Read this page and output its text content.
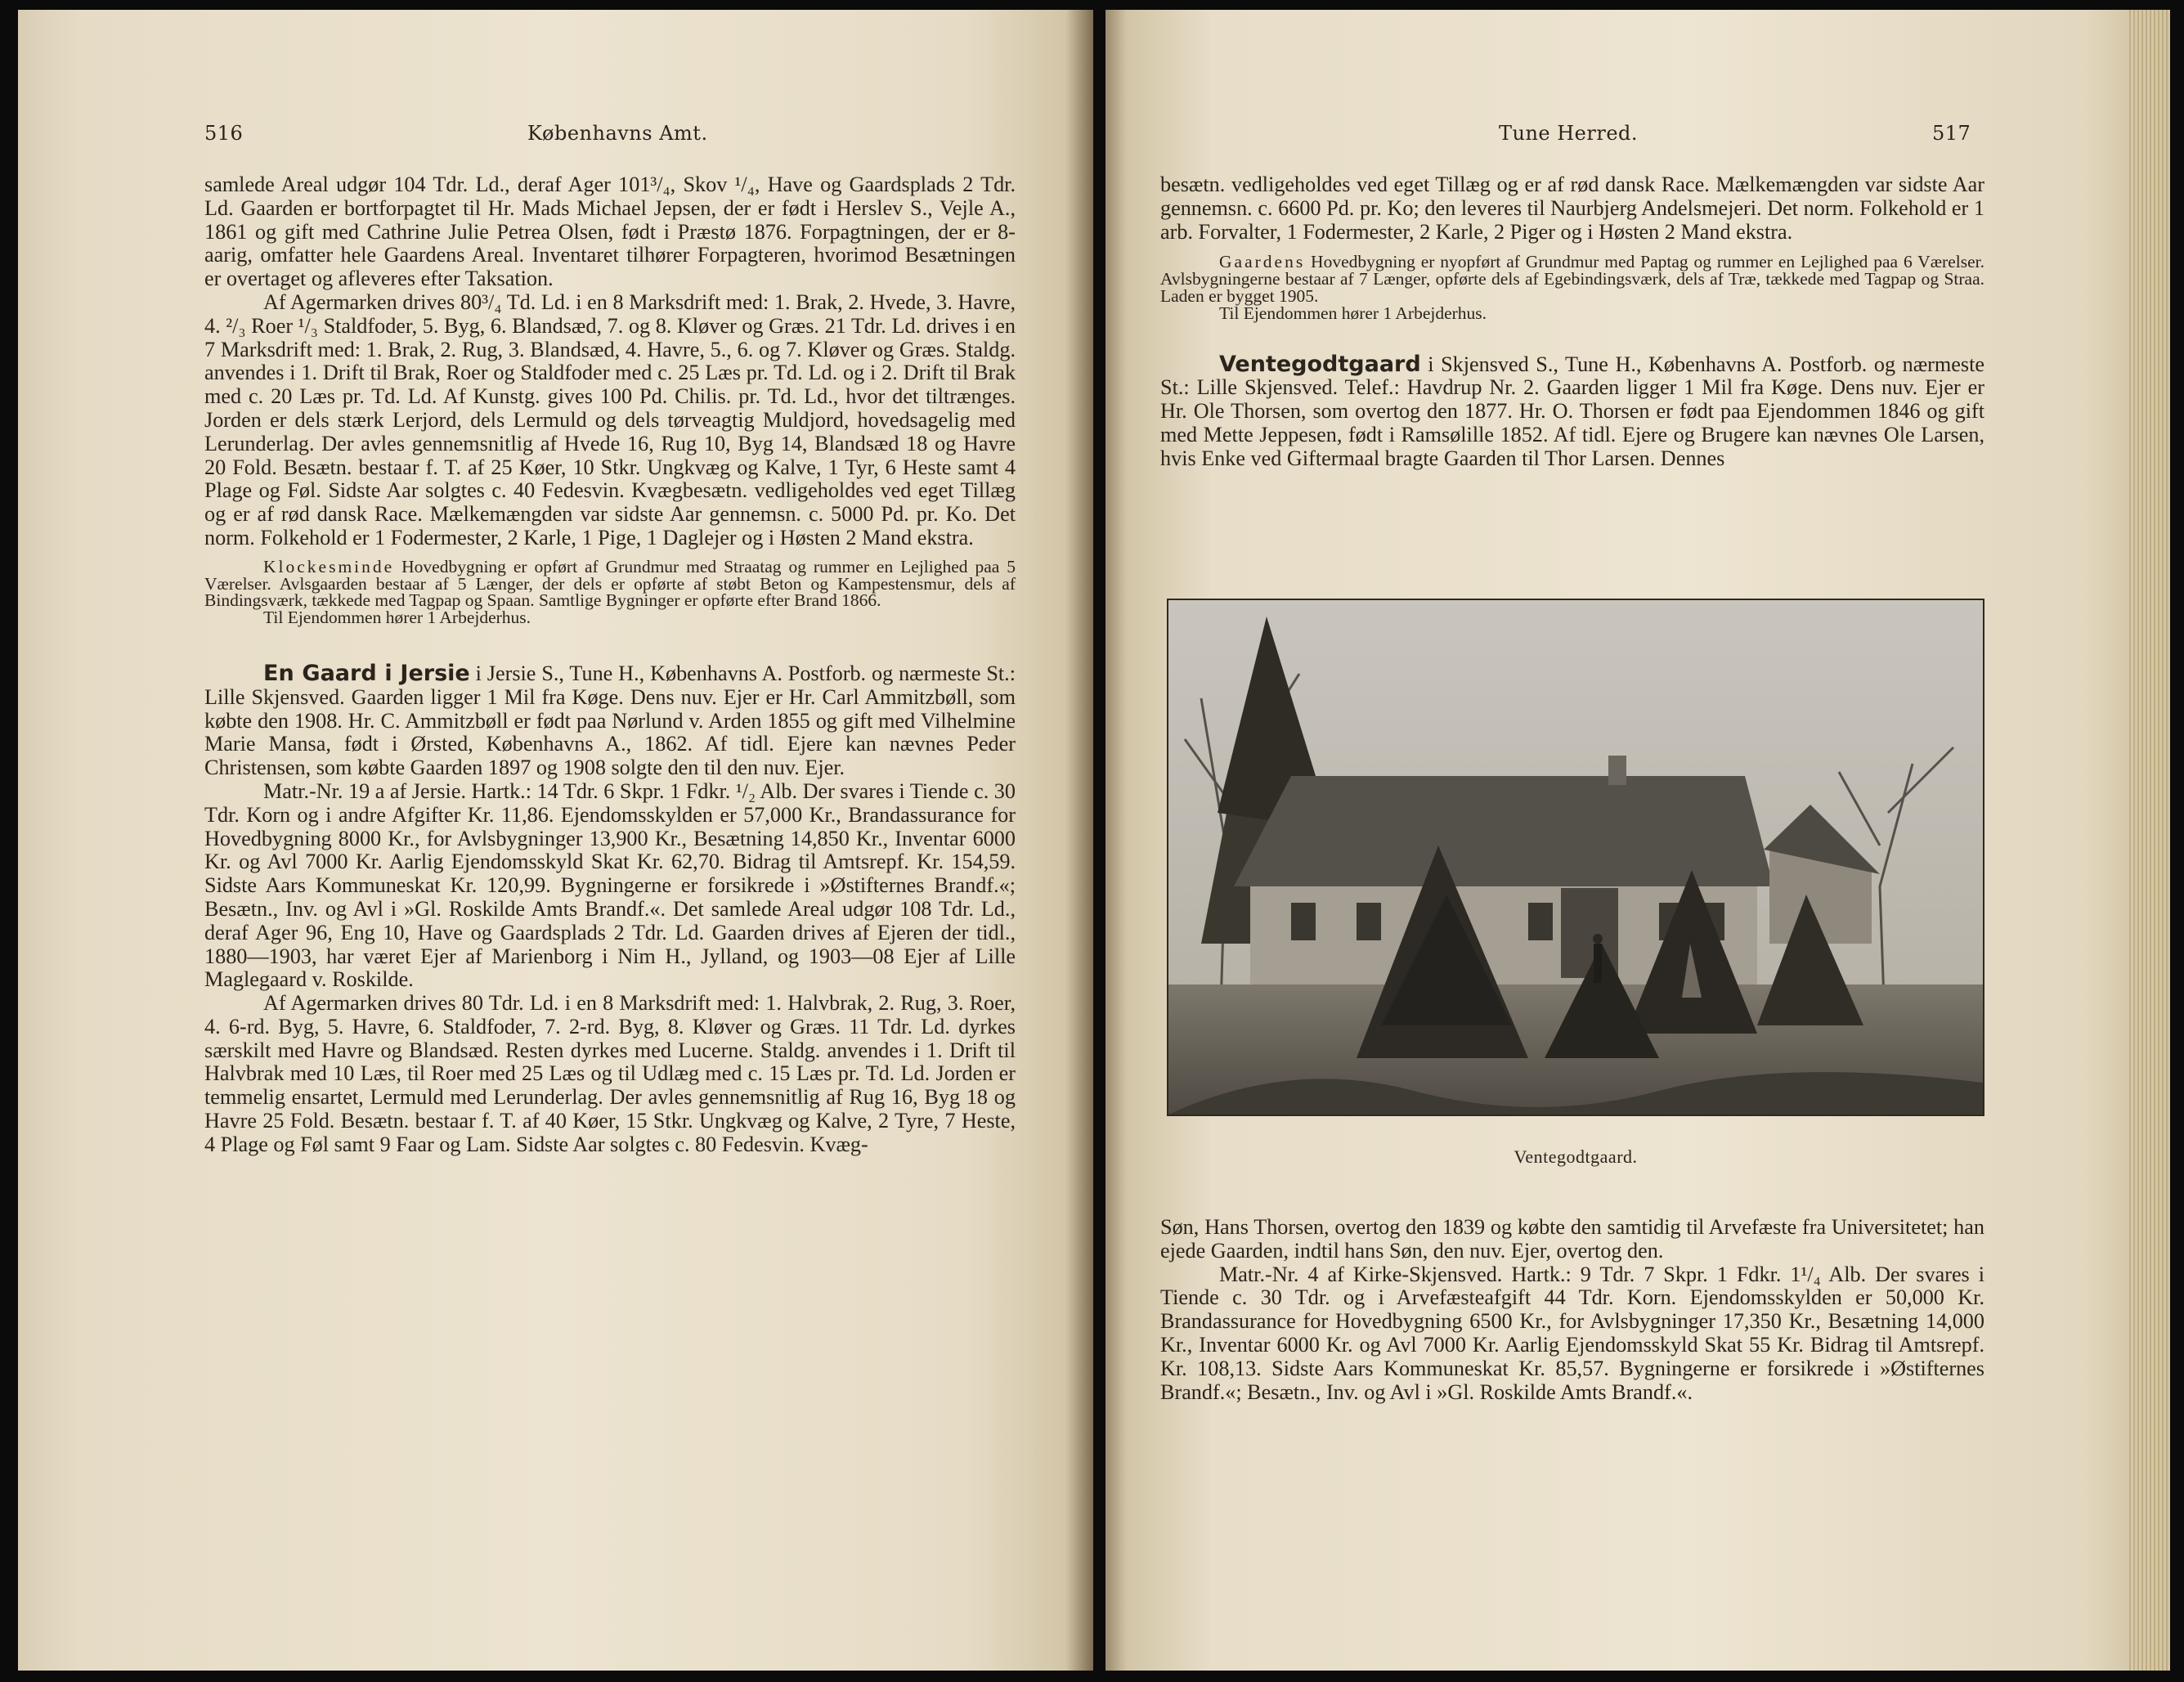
516	Københavns Amt.

samlede Areal udgør 104 Tdr. Ld., deraf Ager 101³/₄, Skov ¹/₄, Have og Gaardsplads 2 Tdr. Ld. Gaarden er bortforpagtet til Hr. Mads Michael Jepsen, der er født i Herslev S., Vejle A., 1861 og gift med Cathrine Julie Petrea Olsen, født i Præstø 1876. Forpagtningen, der er 8-aarig, omfatter hele Gaardens Areal. Inventaret tilhører Forpagteren, hvorimod Besætningen er overtaget og afleveres efter Taksation.

Af Agermarken drives 80³/₄ Td. Ld. i en 8 Marksdrift med: 1. Brak, 2. Hvede, 3. Havre, 4. ²/₃ Roer ¹/₃ Staldfoder, 5. Byg, 6. Blandsæd, 7. og 8. Kløver og Græs. 21 Tdr. Ld. drives i en 7 Marksdrift med: 1. Brak, 2. Rug, 3. Blandsæd, 4. Havre, 5., 6. og 7. Kløver og Græs. Staldg. anvendes i 1. Drift til Brak, Roer og Staldfoder med c. 25 Læs pr. Td. Ld. og i 2. Drift til Brak med c. 20 Læs pr. Td. Ld. Af Kunstg. gives 100 Pd. Chilis. pr. Td. Ld., hvor det tiltrænges. Jorden er dels stærk Lerjord, dels Lermuld og dels tørveagtig Muldjord, hovedsagelig med Lerunderlag. Der avles gennemsnitlig af Hvede 16, Rug 10, Byg 14, Blandsæd 18 og Havre 20 Fold. Besætn. bestaar f. T. af 25 Køer, 10 Stkr. Ungkvæg og Kalve, 1 Tyr, 6 Heste samt 4 Plage og Føl. Sidste Aar solgtes c. 40 Fedesvin. Kvægbesætn. vedligeholdes ved eget Tillæg og er af rød dansk Race. Mælkemængden var sidste Aar gennemsn. c. 5000 Pd. pr. Ko. Det norm. Folkehold er 1 Fodermester, 2 Karle, 1 Pige, 1 Daglejer og i Høsten 2 Mand ekstra.

Klockesminde Hovedbygning er opført af Grundmur med Straatag og rummer en Lejlighed paa 5 Værelser. Avlsgaarden bestaar af 5 Længer, der dels er opførte af støbt Beton og Kampestensmur, dels af Bindingsværk, tækkede med Tagpap og Spaan. Samtlige Bygninger er opførte efter Brand 1866.

Til Ejendommen hører 1 Arbejderhus.

En Gaard i Jersie i Jersie S., Tune H., Københavns A. Postforb. og nærmeste St.: Lille Skjensved. Gaarden ligger 1 Mil fra Køge. Dens nuv. Ejer er Hr. Carl Ammitzbøll, som købte den 1908. Hr. C. Ammitzbøll er født paa Nørlund v. Arden 1855 og gift med Vilhelmine Marie Mansa, født i Ørsted, Københavns A., 1862. Af tidl. Ejere kan nævnes Peder Christensen, som købte Gaarden 1897 og 1908 solgte den til den nuv. Ejer.

Matr.-Nr. 19 a af Jersie. Hartk.: 14 Tdr. 6 Skpr. 1 Fdkr. ¹/₂ Alb. Der svares i Tiende c. 30 Tdr. Korn og i andre Afgifter Kr. 11,86. Ejendomsskylden er 57,000 Kr., Brandassurance for Hovedbygning 8000 Kr., for Avlsbygninger 13,900 Kr., Besætning 14,850 Kr., Inventar 6000 Kr. og Avl 7000 Kr. Aarlig Ejendomsskyld Skat Kr. 62,70. Bidrag til Amtsrepf. Kr. 154,59. Sidste Aars Kommuneskat Kr. 120,99. Bygningerne er forsikrede i »Østifternes Brandf.«; Besætn., Inv. og Avl i »Gl. Roskilde Amts Brandf.«. Det samlede Areal udgør 108 Tdr. Ld., deraf Ager 96, Eng 10, Have og Gaardsplads 2 Tdr. Ld. Gaarden drives af Ejeren der tidl., 1880—1903, har været Ejer af Marienborg i Nim H., Jylland, og 1903—08 Ejer af Lille Maglegaard v. Roskilde.

Af Agermarken drives 80 Tdr. Ld. i en 8 Marksdrift med: 1. Halvbrak, 2. Rug, 3. Roer, 4. 6-rd. Byg, 5. Havre, 6. Staldfoder, 7. 2-rd. Byg, 8. Kløver og Græs. 11 Tdr. Ld. dyrkes særskilt med Havre og Blandsæd. Resten dyrkes med Lucerne. Staldg. anvendes i 1. Drift til Halvbrak med 10 Læs, til Roer med 25 Læs og til Udlæg med c. 15 Læs pr. Td. Ld. Jorden er temmelig ensartet, Lermuld med Lerunderlag. Der avles gennemsnitlig af Rug 16, Byg 18 og Havre 25 Fold. Besætn. bestaar f. T. af 40 Køer, 15 Stkr. Ungkvæg og Kalve, 2 Tyre, 7 Heste, 4 Plage og Føl samt 9 Faar og Lam. Sidste Aar solgtes c. 80 Fedesvin. Kvæg-

Tune Herred.	517

besætn. vedligeholdes ved eget Tillæg og er af rød dansk Race. Mælkemængden var sidste Aar gennemsn. c. 6600 Pd. pr. Ko; den leveres til Naurbjerg Andelsmejeri. Det norm. Folkehold er 1 arb. Forvalter, 1 Fodermester, 2 Karle, 2 Piger og i Høsten 2 Mand ekstra.

Gaardens Hovedbygning er nyopført af Grundmur med Paptag og rummer en Lejlighed paa 6 Værelser. Avlsbygningerne bestaar af 7 Længer, opførte dels af Egebindingsværk, dels af Træ, tækkede med Tagpap og Straa. Laden er bygget 1905.

Til Ejendommen hører 1 Arbejderhus.

Ventegodtgaard i Skjensved S., Tune H., Københavns A. Postforb. og nærmeste St.: Lille Skjensved. Telef.: Havdrup Nr. 2. Gaarden ligger 1 Mil fra Køge. Dens nuv. Ejer er Hr. Ole Thorsen, som overtog den 1877. Hr. O. Thorsen er født paa Ejendommen 1846 og gift med Mette Jeppesen, født i Ramsølille 1852. Af tidl. Ejere og Brugere kan nævnes Ole Larsen, hvis Enke ved Giftermaal bragte Gaarden til Thor Larsen. Dennes

Ventegodtgaard.

Søn, Hans Thorsen, overtog den 1839 og købte den samtidig til Arvefæste fra Universitetet; han ejede Gaarden, indtil hans Søn, den nuv. Ejer, overtog den.

Matr.-Nr. 4 af Kirke-Skjensved. Hartk.: 9 Tdr. 7 Skpr. 1 Fdkr. 1¹/₄ Alb. Der svares i Tiende c. 30 Tdr. og i Arvefæsteafgift 44 Tdr. Korn. Ejendomsskylden er 50,000 Kr. Brandassurance for Hovedbygning 6500 Kr., for Avlsbygninger 17,350 Kr., Besætning 14,000 Kr., Inventar 6000 Kr. og Avl 7000 Kr. Aarlig Ejendomsskyld Skat 55 Kr. Bidrag til Amtsrepf. Kr. 108,13. Sidste Aars Kommuneskat Kr. 85,57. Bygningerne er forsikrede i »Østifternes Brandf.«; Besætn., Inv. og Avl i »Gl. Roskilde Amts Brandf.«.
